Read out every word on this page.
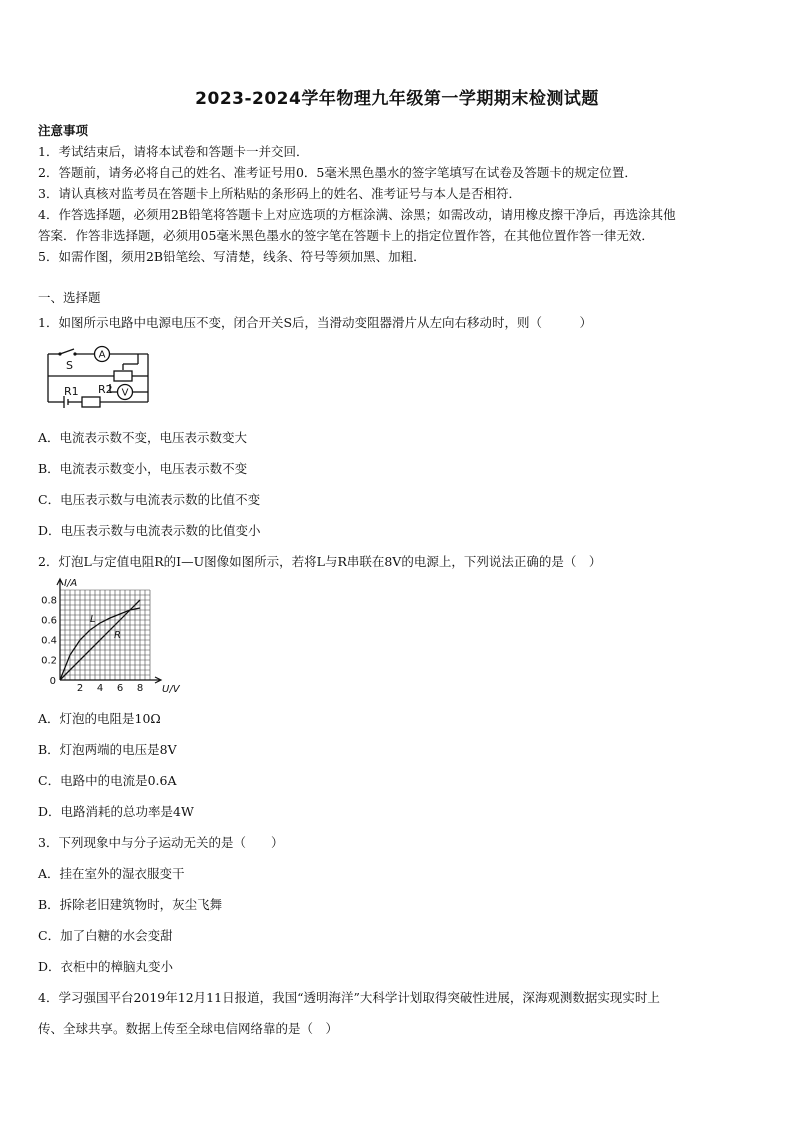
2023-2024学年物理九年级第一学期期末检测试题
注意事项
1．考试结束后，请将本试卷和答题卡一并交回．
2．答题前，请务必将自己的姓名、准考证号用0．5毫米黑色墨水的签字笔填写在试卷及答题卡的规定位置．
3．请认真核对监考员在答题卡上所粘贴的条形码上的姓名、准考证号与本人是否相符．
4．作答选择题，必须用2B铅笔将答题卡上对应选项的方框涂满、涂黑；如需改动，请用橡皮擦干净后，再选涂其他
答案．作答非选择题，必须用05毫米黑色墨水的签字笔在答题卡上的指定位置作答，在其他位置作答一律无效．
5．如需作图，须用2B铅笔绘、写清楚，线条、符号等须加黑、加粗．
一、选择题
1．如图所示电路中电源电压不变，闭合开关S后，当滑动变阻器滑片从左向右移动时，则（　　　）
A
V
S
R1 R2
A．电流表示数不变，电压表示数变大
B．电流表示数变小，电压表示数不变
C．电压表示数与电流表示数的比值不变
D．电压表示数与电流表示数的比值变小
2．灯泡L与定值电阻R的I—U图像如图所示，若将L与R串联在8V的电源上，下列说法正确的是（　）
2 4 6 8
0.2
0.4
0.6
0.8
0
U/V
I/A
L
R
A．灯泡的电阻是10Ω
B．灯泡两端的电压是8V
C．电路中的电流是0.6A
D．电路消耗的总功率是4W
3．下列现象中与分子运动无关的是（　　）
A．挂在室外的湿衣服变干
B．拆除老旧建筑物时，灰尘飞舞
C．加了白糖的水会变甜
D．衣柜中的樟脑丸变小
4．学习强国平台2019年12月11日报道，我国“透明海洋”大科学计划取得突破性进展，深海观测数据实现实时上
传、全球共享。数据上传至全球电信网络靠的是（　）
